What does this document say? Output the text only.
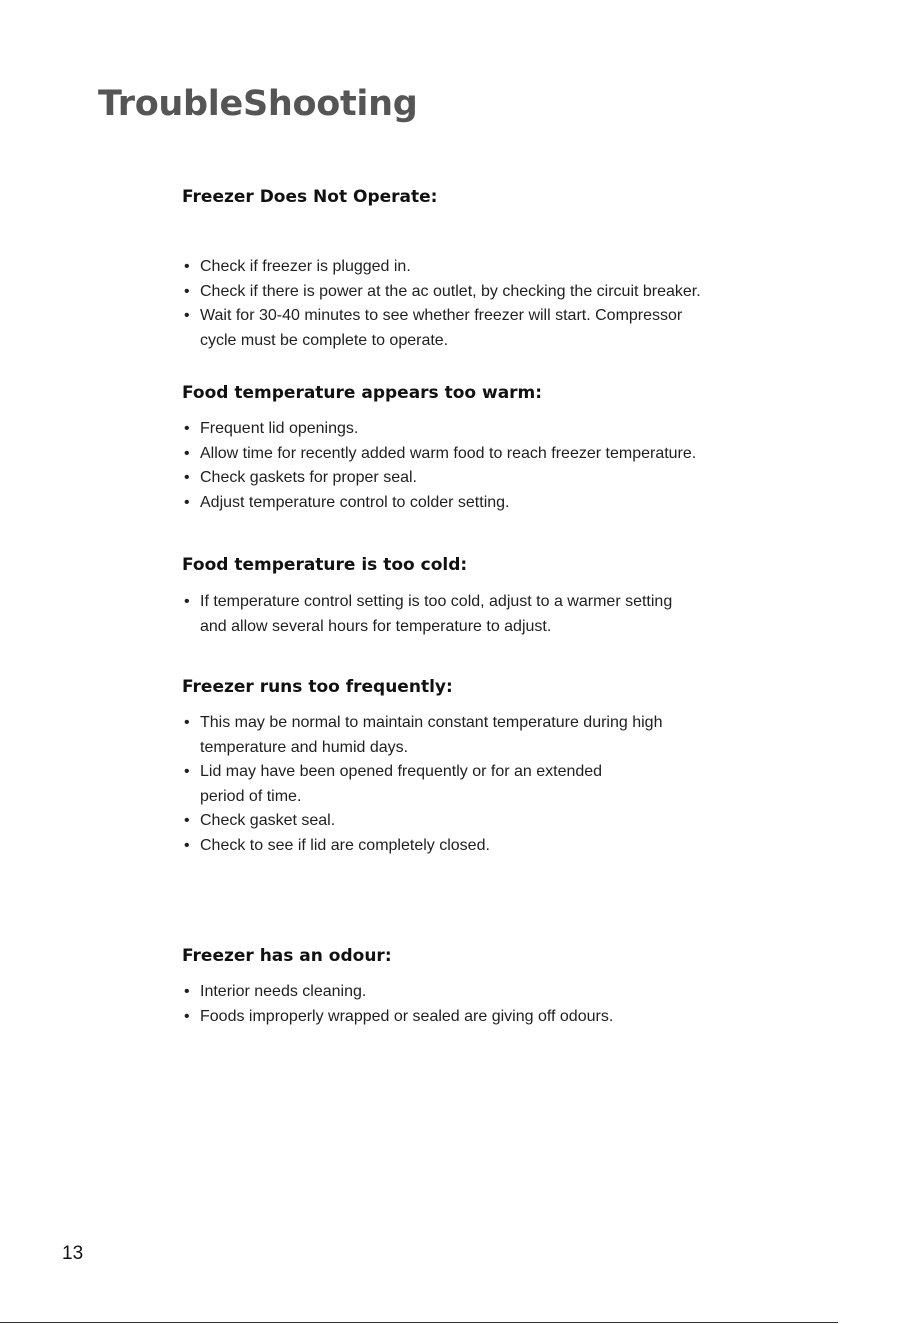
TroubleShooting
Freezer Does Not Operate:
• Check if freezer is plugged in.
• Check if there is power at the ac outlet, by checking the circuit breaker.
• Wait for 30-40 minutes to see whether freezer will start. Compressor
cycle must be complete to operate.
Food temperature appears too warm:
• Frequent lid openings.
• Allow time for recently added warm food to reach freezer temperature.
• Check gaskets for proper seal.
• Adjust temperature control to colder setting.
Food temperature is too cold:
• If temperature control setting is too cold, adjust to a warmer setting
and allow several hours for temperature to adjust.
Freezer runs too frequently:
• This may be normal to maintain constant temperature during high
temperature and humid days.
• Lid may have been opened frequently or for an extended
period of time.
• Check gasket seal.
• Check to see if lid are completely closed.
Freezer has an odour:
• Interior needs cleaning.
• Foods improperly wrapped or sealed are giving off odours.
13
